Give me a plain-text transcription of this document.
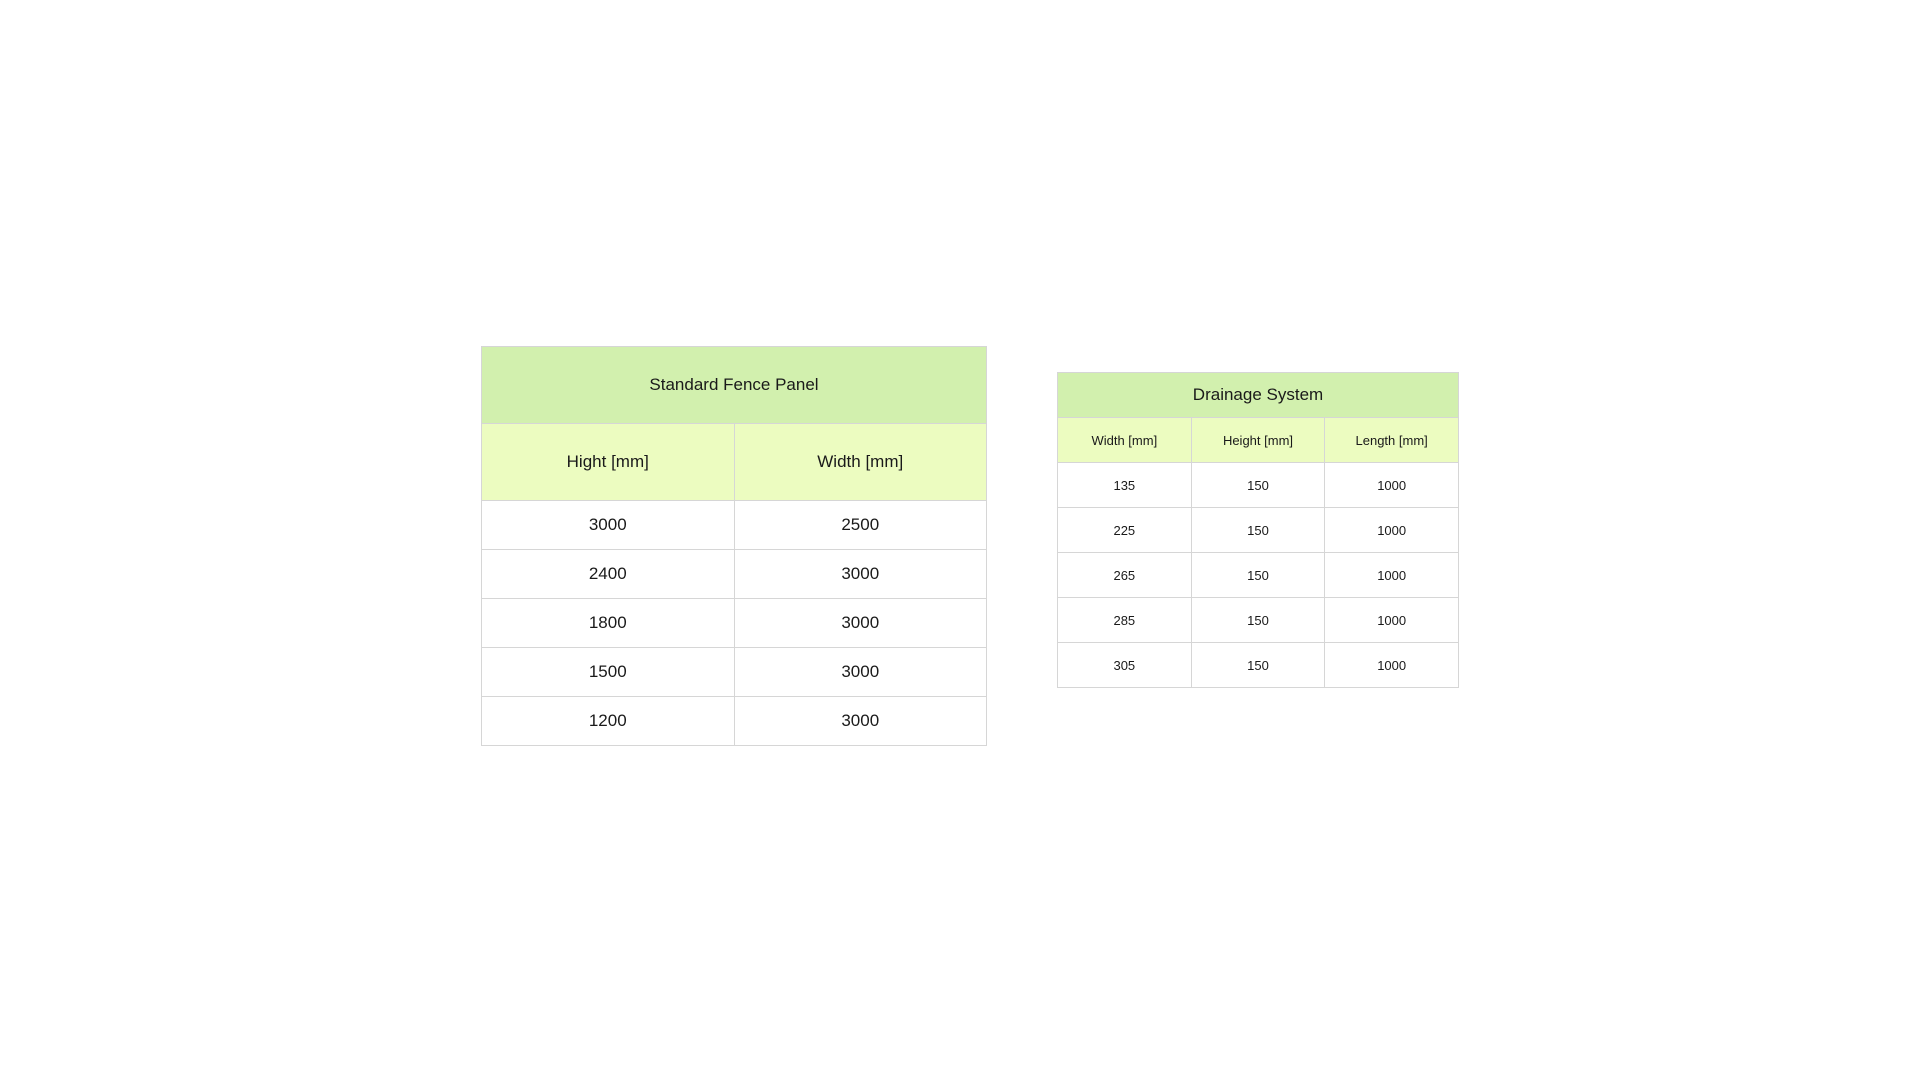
Standard Fence Panel	
Hight [mm]	Width [mm]
3000	2500
2400	3000
1800	3000
1500	3000
1200	3000
Drainage System		
Width [mm]	Height [mm]	Length [mm]
135	150	1000
225	150	1000
265	150	1000
285	150	1000
305	150	1000
